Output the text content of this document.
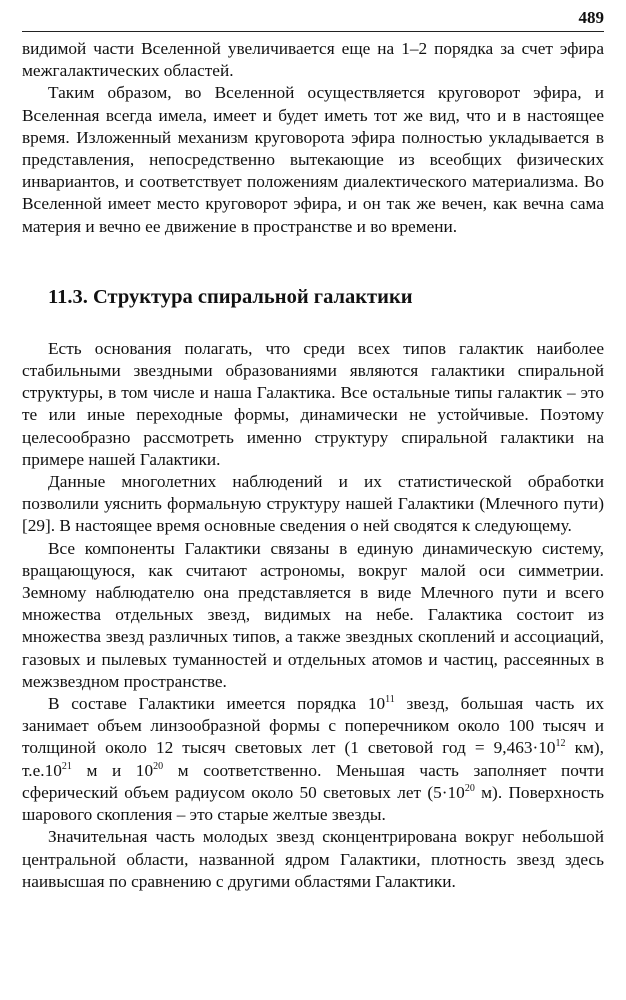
489

видимой части Вселенной увеличивается еще на 1–2 порядка за счет эфира межгалактических областей.

Таким образом, во Вселенной осуществляется круговорот эфира, и Вселенная всегда имела, имеет и будет иметь тот же вид, что и в настоящее время. Изложенный механизм круговорота эфира полностью укладывается в представления, непосредственно вытекающие из всеобщих физических инвариантов, и соответствует положениям диалектического материализма. Во Вселенной имеет место круговорот эфира, и он так же вечен, как вечна сама материя и вечно ее движение в пространстве и во времени.

11.3. Структура спиральной галактики

Есть основания полагать, что среди всех типов галактик наиболее стабильными звездными образованиями являются галактики спиральной структуры, в том числе и наша Галактика. Все остальные типы галактик – это те или иные переходные формы, динамически не устойчивые. Поэтому целесообразно рассмотреть именно структуру спиральной галактики на примере нашей Галактики.

Данные многолетних наблюдений и их статистической обработки позволили уяснить формальную структуру нашей Галактики (Млечного пути) [29]. В настоящее время основные сведения о ней сводятся к следующему.

Все компоненты Галактики связаны в единую динамическую систему, вращающуюся, как считают астрономы, вокруг малой оси симметрии. Земному наблюдателю она представляется в виде Млечного пути и всего множества отдельных звезд, видимых на небе. Галактика состоит из множества звезд различных типов, а также звездных скоплений и ассоциаций, газовых и пылевых туманностей и отдельных атомов и частиц, рассеянных в межзвездном пространстве.

В составе Галактики имеется порядка $10^{11}$ звезд, большая часть их занимает объем линзообразной формы с поперечником около 100 тысяч и толщиной около 12 тысяч световых лет (1 световой год = $9,463\cdot 10^{12}$ км), $т.е.10^{21}$ м и $10^{20}$ м соответственно. Меньшая часть заполняет почти сферический объем радиусом около 50 световых лет ($5\cdot 10^{20}$ м). Поверхность шарового скопления – это старые желтые звезды.

Значительная часть молодых звезд сконцентрирована вокруг небольшой центральной области, названной ядром Галактики, плотность звезд здесь наивысшая по сравнению с другими областями Галактики.
